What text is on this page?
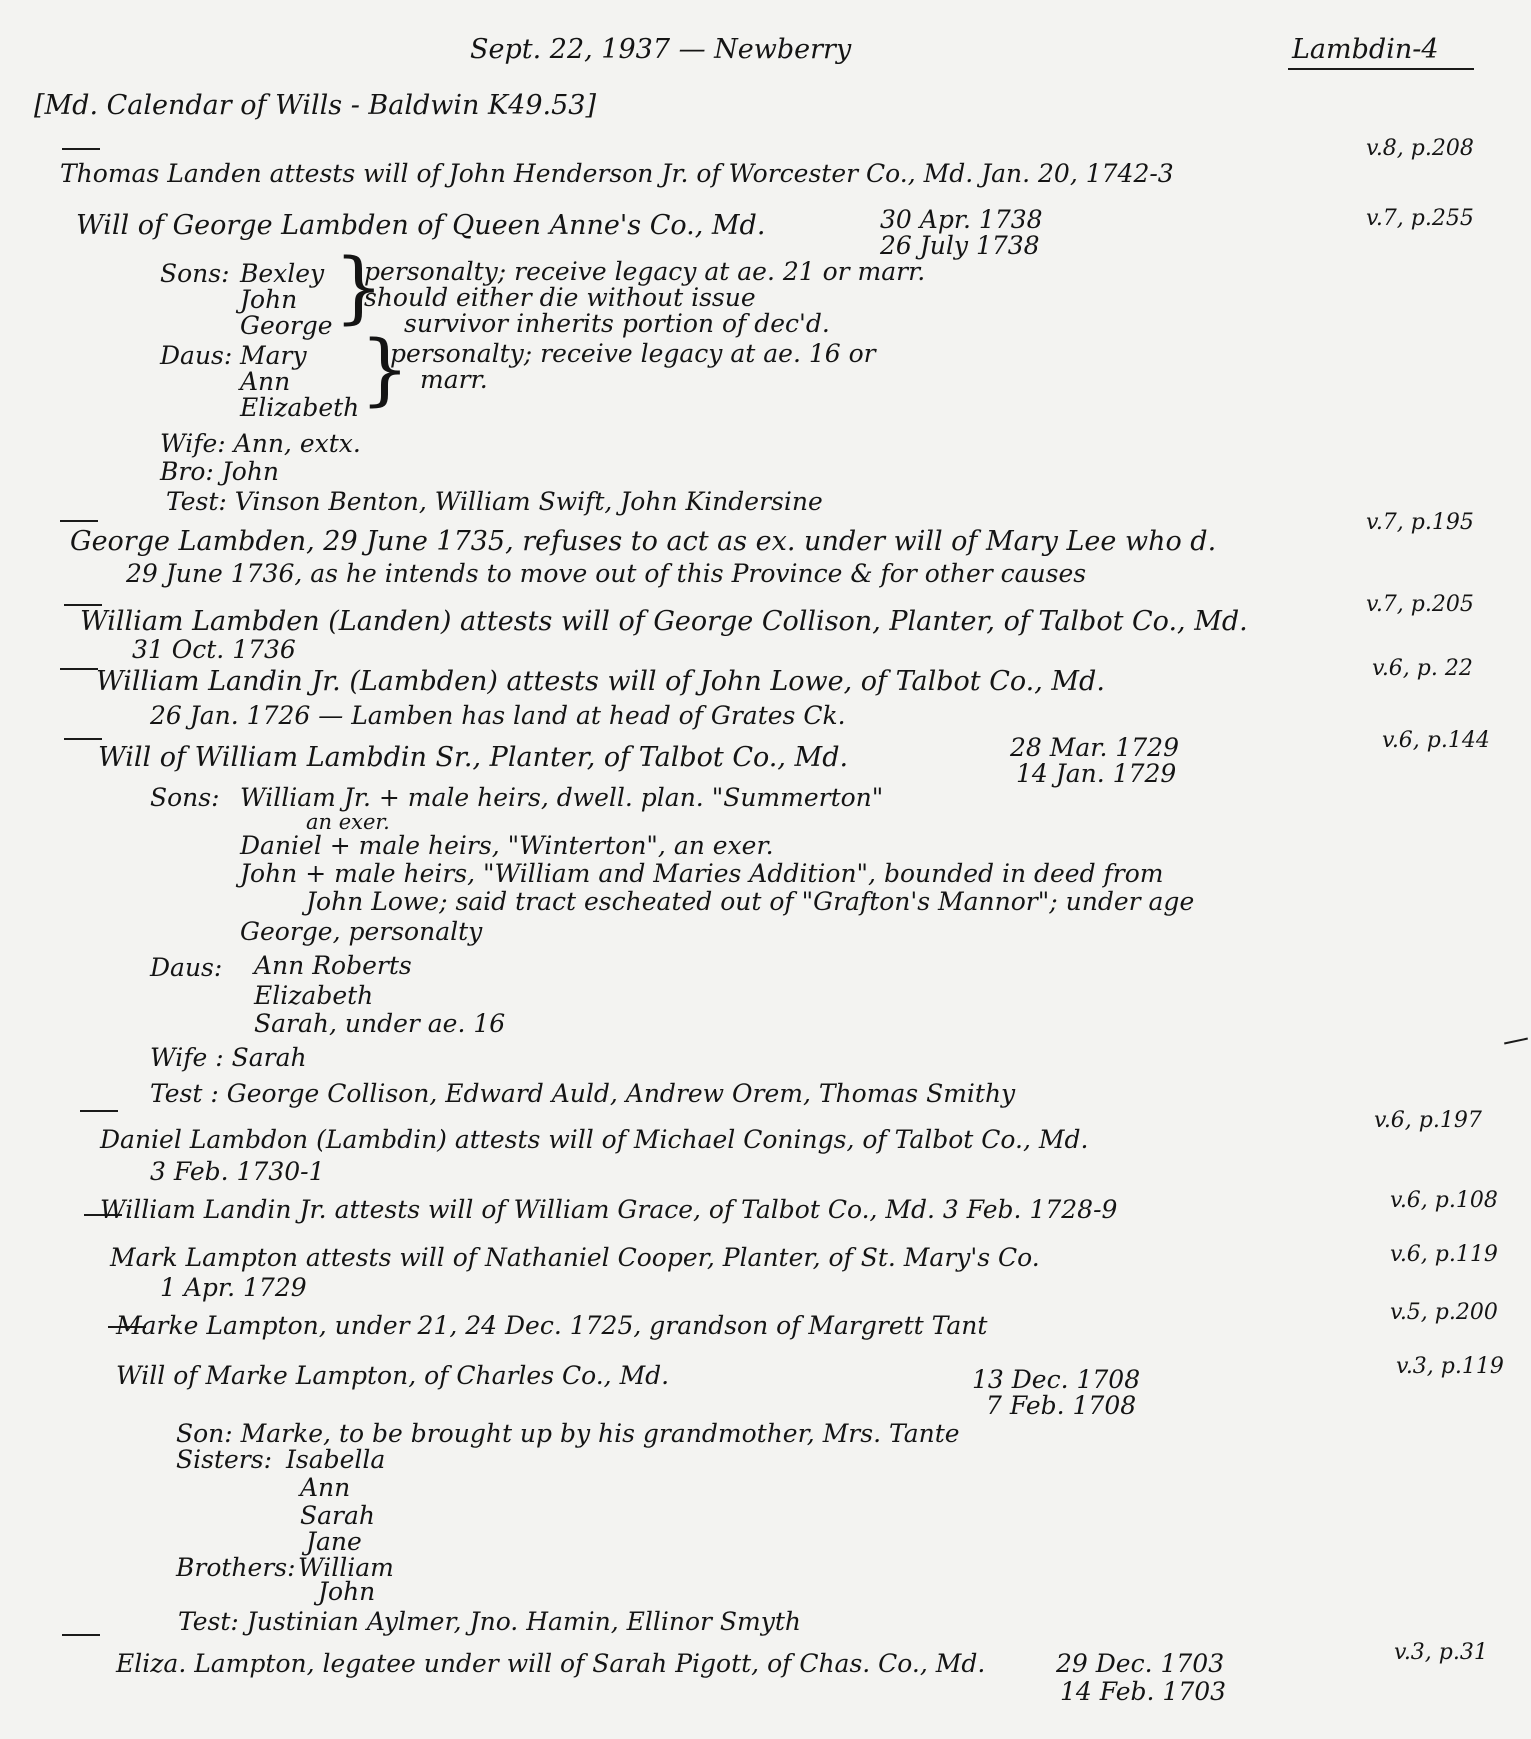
Sept. 22, 1937 — Newberry	Lambdin-4
[Md. Calendar of Wills - Baldwin K49.53]
v.8, p.208
Thomas Landen attests will of John Henderson Jr. of Worcester Co., Md. Jan. 20, 1742-3
v.7, p.255
Will of George Lambden of Queen Anne's Co., Md.	30 Apr. 1738
26 July 1738
Sons: Bexley
John
George }
personalty; receive legacy at ae. 21 or marr.
should either die without issue
survivor inherits portion of dec'd.
Daus: Mary
Ann
Elizabeth }
personalty; receive legacy at ae. 16 or
marr.
Wife: Ann, extx.
Bro: John
Test: Vinson Benton, William Swift, John Kindersine
v.7, p.195
George Lambden, 29 June 1735, refuses to act as ex. under will of Mary Lee who d.
29 June 1736, as he intends to move out of this Province & for other causes
v.7, p.205
William Lambden (Landen) attests will of George Collison, Planter, of Talbot Co., Md.
31 Oct. 1736
v.6, p. 22
William Landin Jr. (Lambden) attests will of John Lowe, of Talbot Co., Md.
26 Jan. 1726 — Lamben has land at head of Grates Ck.
v.6, p.144
Will of William Lambdin Sr., Planter, of Talbot Co., Md.	28 Mar. 1729
14 Jan. 1729
Sons: William Jr. + male heirs, dwell. plan. "Summerton"
an exer.
Daniel + male heirs, "Winterton", an exer.
John + male heirs, "William and Maries Addition", bounded in deed from
John Lowe; said tract escheated out of "Grafton's Mannor"; under age
George, personalty
Daus: Ann Roberts
Elizabeth
Sarah, under ae. 16
Wife : Sarah
Test : George Collison, Edward Auld, Andrew Orem, Thomas Smithy
v.6, p.197
Daniel Lambdon (Lambdin) attests will of Michael Conings, of Talbot Co., Md.
3 Feb. 1730-1
v.6, p.108
William Landin Jr. attests will of William Grace, of Talbot Co., Md. 3 Feb. 1728-9
v.6, p.119
Mark Lampton attests will of Nathaniel Cooper, Planter, of St. Mary's Co.
1 Apr. 1729
v.5, p.200
Marke Lampton, under 21, 24 Dec. 1725, grandson of Margrett Tant
v.3, p.119
Will of Marke Lampton, of Charles Co., Md.	13 Dec. 1708
7 Feb. 1708
Son: Marke, to be brought up by his grandmother, Mrs. Tante
Sisters: Isabella
Ann
Sarah
Jane
Brothers: William
John
Test: Justinian Aylmer, Jno. Hamin, Ellinor Smyth
v.3, p.31
Eliza. Lampton, legatee under will of Sarah Pigott, of Chas. Co., Md.	29 Dec. 1703
14 Feb. 1703
